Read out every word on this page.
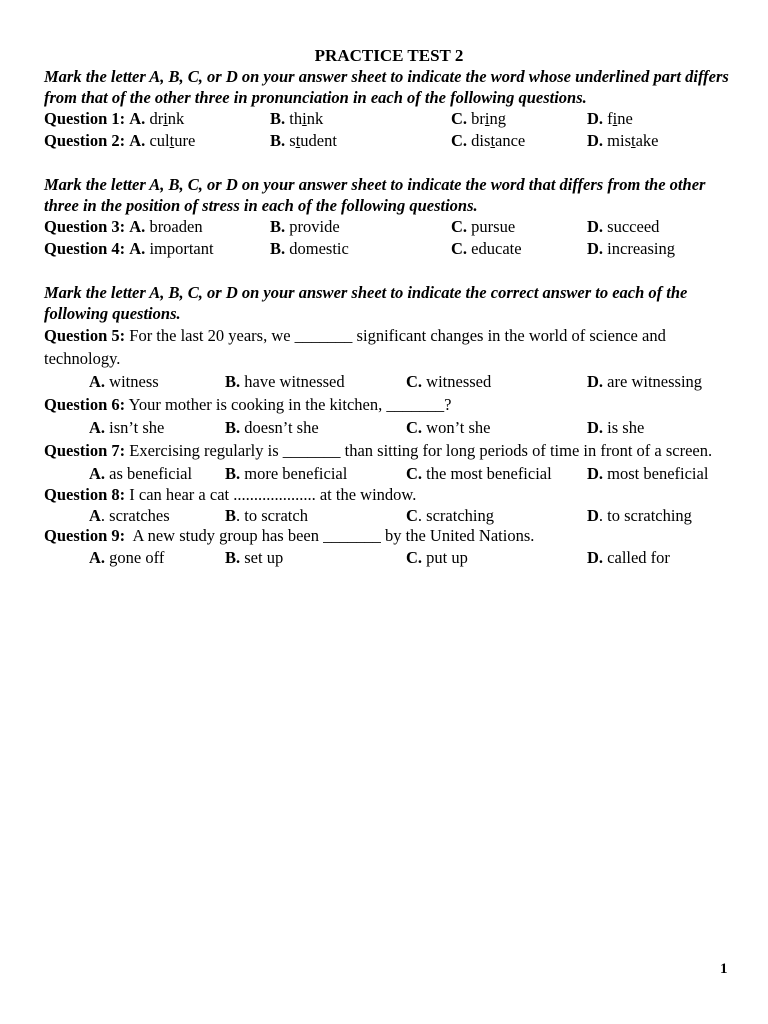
PRACTICE TEST 2
Mark the letter A, B, C, or D on your answer sheet to indicate the word whose underlined part differs from that of the other three in pronunciation in each of the following questions.
Question 1: A. drink	B. think	C. bring	D. fine
Question 2: A. culture	B. student	C. distance	D. mistake
Mark the letter A, B, C, or D on your answer sheet to indicate the word that differs from the other three in the position of stress in each of the following questions.
Question 3: A. broaden	B. provide	C. pursue	D. succeed
Question 4: A. important	B. domestic	C. educate	D. increasing
Mark the letter A, B, C, or D on your answer sheet to indicate the correct answer to each of the following questions.
Question 5: For the last 20 years, we _______ significant changes in the world of science and technology.
A. witness	B. have witnessed	C. witnessed	D. are witnessing
Question 6: Your mother is cooking in the kitchen, _______?
A. isn’t she	B. doesn’t she	C. won’t she	D. is she
Question 7: Exercising regularly is _______ than sitting for long periods of time in front of a screen.
A. as beneficial B. more beneficial	C. the most beneficial D. most beneficial
Question 8: I can hear a cat .................... at the window.
A. scratches	B. to scratch	C. scratching	D. to scratching
Question 9:  A new study group has been _______ by the United Nations.
A. gone off	B. set up	C. put up	D. called for
1
